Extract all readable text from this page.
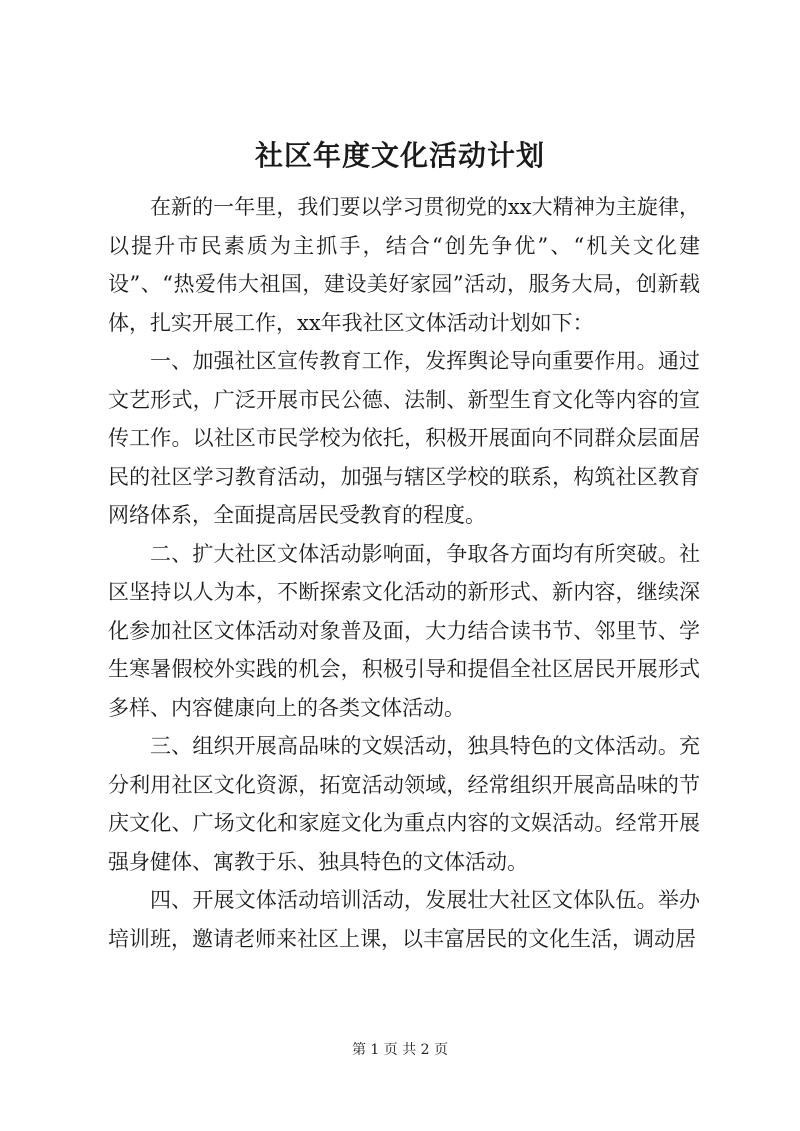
社区年度文化活动计划

在新的一年里，我们要以学习贯彻党的xx大精神为主旋律，以提升市民素质为主抓手，结合“创先争优”、“机关文化建设”、“热爱伟大祖国，建设美好家园”活动，服务大局，创新载体，扎实开展工作，xx年我社区文体活动计划如下：

一、加强社区宣传教育工作，发挥舆论导向重要作用。通过文艺形式，广泛开展市民公德、法制、新型生育文化等内容的宣传工作。以社区市民学校为依托，积极开展面向不同群众层面居民的社区学习教育活动，加强与辖区学校的联系，构筑社区教育网络体系，全面提高居民受教育的程度。

二、扩大社区文体活动影响面，争取各方面均有所突破。社区坚持以人为本，不断探索文化活动的新形式、新内容，继续深化参加社区文体活动对象普及面，大力结合读书节、邻里节、学生寒暑假校外实践的机会，积极引导和提倡全社区居民开展形式多样、内容健康向上的各类文体活动。

三、组织开展高品味的文娱活动，独具特色的文体活动。充分利用社区文化资源，拓宽活动领域，经常组织开展高品味的节庆文化、广场文化和家庭文化为重点内容的文娱活动。经常开展强身健体、寓教于乐、独具特色的文体活动。

四、开展文体活动培训活动，发展壮大社区文体队伍。举办培训班，邀请老师来社区上课，以丰富居民的文化生活，调动居

第 1 页 共 2 页
